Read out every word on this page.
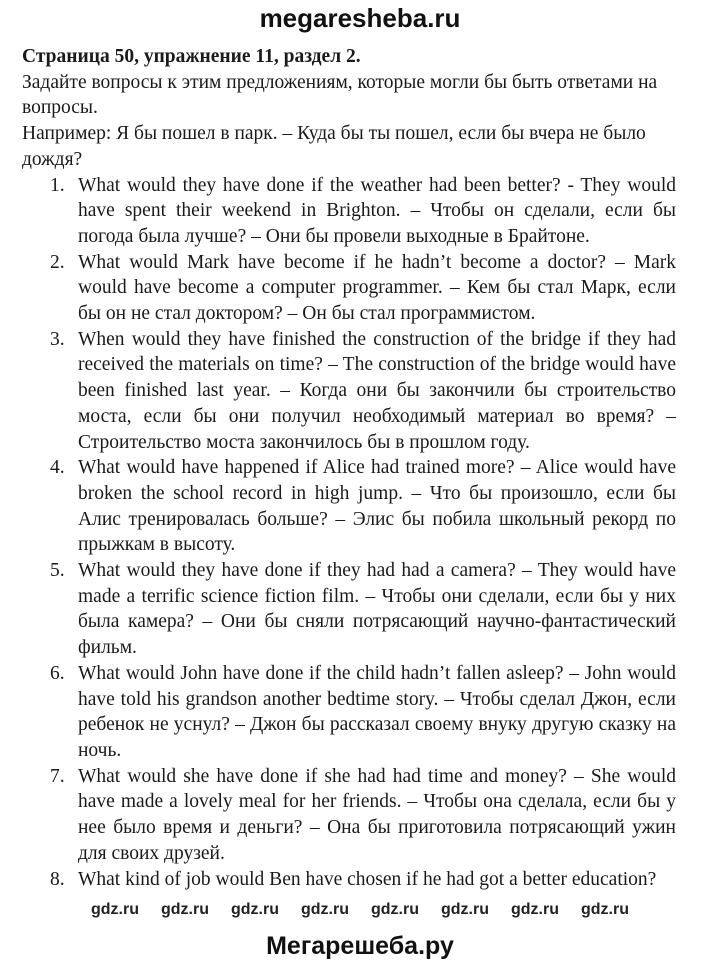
megaresheba.ru

Страница 50, упражнение 11, раздел 2.

Задайте вопросы к этим предложениям, которые могли бы быть ответами на вопросы.

Например: Я бы пошел в парк. – Куда бы ты пошел, если бы вчера не было дождя?

1. What would they have done if the weather had been better? - They would have spent their weekend in Brighton. – Чтобы он сделали, если бы погода была лучше? – Они бы провели выходные в Брайтоне.
2. What would Mark have become if he hadn’t become a doctor? – Mark would have become a computer programmer. – Кем бы стал Марк, если бы он не стал доктором? – Он бы стал программистом.
3. When would they have finished the construction of the bridge if they had received the materials on time? – The construction of the bridge would have been finished last year. – Когда они бы закончили бы строительство моста, если бы они получил необходимый материал во время? – Строительство моста закончилось бы в прошлом году.
4. What would have happened if Alice had trained more? – Alice would have broken the school record in high jump. – Что бы произошло, если бы Алис тренировалась больше? – Элис бы побила школьный рекорд по прыжкам в высоту.
5. What would they have done if they had had a camera? – They would have made a terrific science fiction film. – Чтобы они сделали, если бы у них была камера? – Они бы сняли потрясающий научно-фантастический фильм.
6. What would John have done if the child hadn’t fallen asleep? – John would have told his grandson another bedtime story. – Чтобы сделал Джон, если ребенок не уснул? – Джон бы рассказал своему внуку другую сказку на ночь.
7. What would she have done if she had had time and money? – She would have made a lovely meal for her friends. – Чтобы она сделала, если бы у нее было время и деньги? – Она бы приготовила потрясающий ужин для своих друзей.
8. What kind of job would Ben have chosen if he had got a better education?
gdz.ru gdz.ru gdz.ru gdz.ru gdz.ru gdz.ru gdz.ru gdz.ru
Мегарешеба.ру
